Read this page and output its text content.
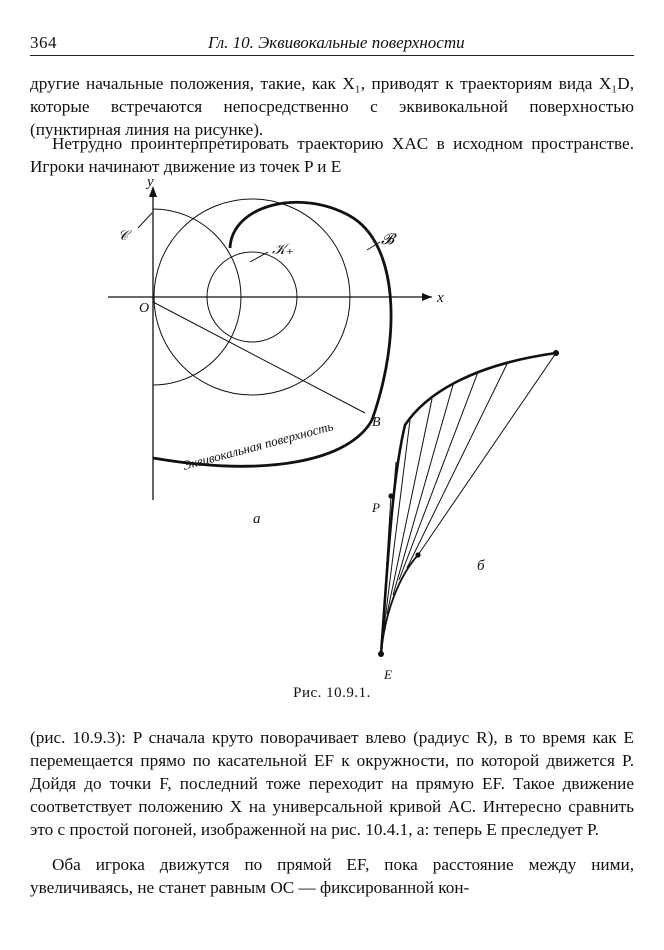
364	Гл. 10. Эквивокальные поверхности

другие начальные положения, такие, как X₁, приводят к траекториям вида X₁D, которые встречаются непосредственно с эквивокальной поверхностью (пунктирная линия на рисунке).

Нетрудно проинтерпретировать траекторию XAC в исходном пространстве. Игроки начинают движение из точек P и E

x
y
O
B
𝒞	𝓑
𝒦₊
Эквивокальная поверхность
а
P
E
б
Рис. 10.9.1.

(рис. 10.9.3): P сначала круто поворачивает влево (радиус R), в то время как E перемещается прямо по касательной EF к окружности, по которой движется P. Дойдя до точки F, последний тоже переходит на прямую EF. Такое движение соответствует положению X на универсальной кривой AC. Интересно сравнить это с простой погоней, изображенной на рис. 10.4.1, а: теперь E преследует P.

Оба игрока движутся по прямой EF, пока расстояние между ними, увеличиваясь, не станет равным OC — фиксированной кон-
